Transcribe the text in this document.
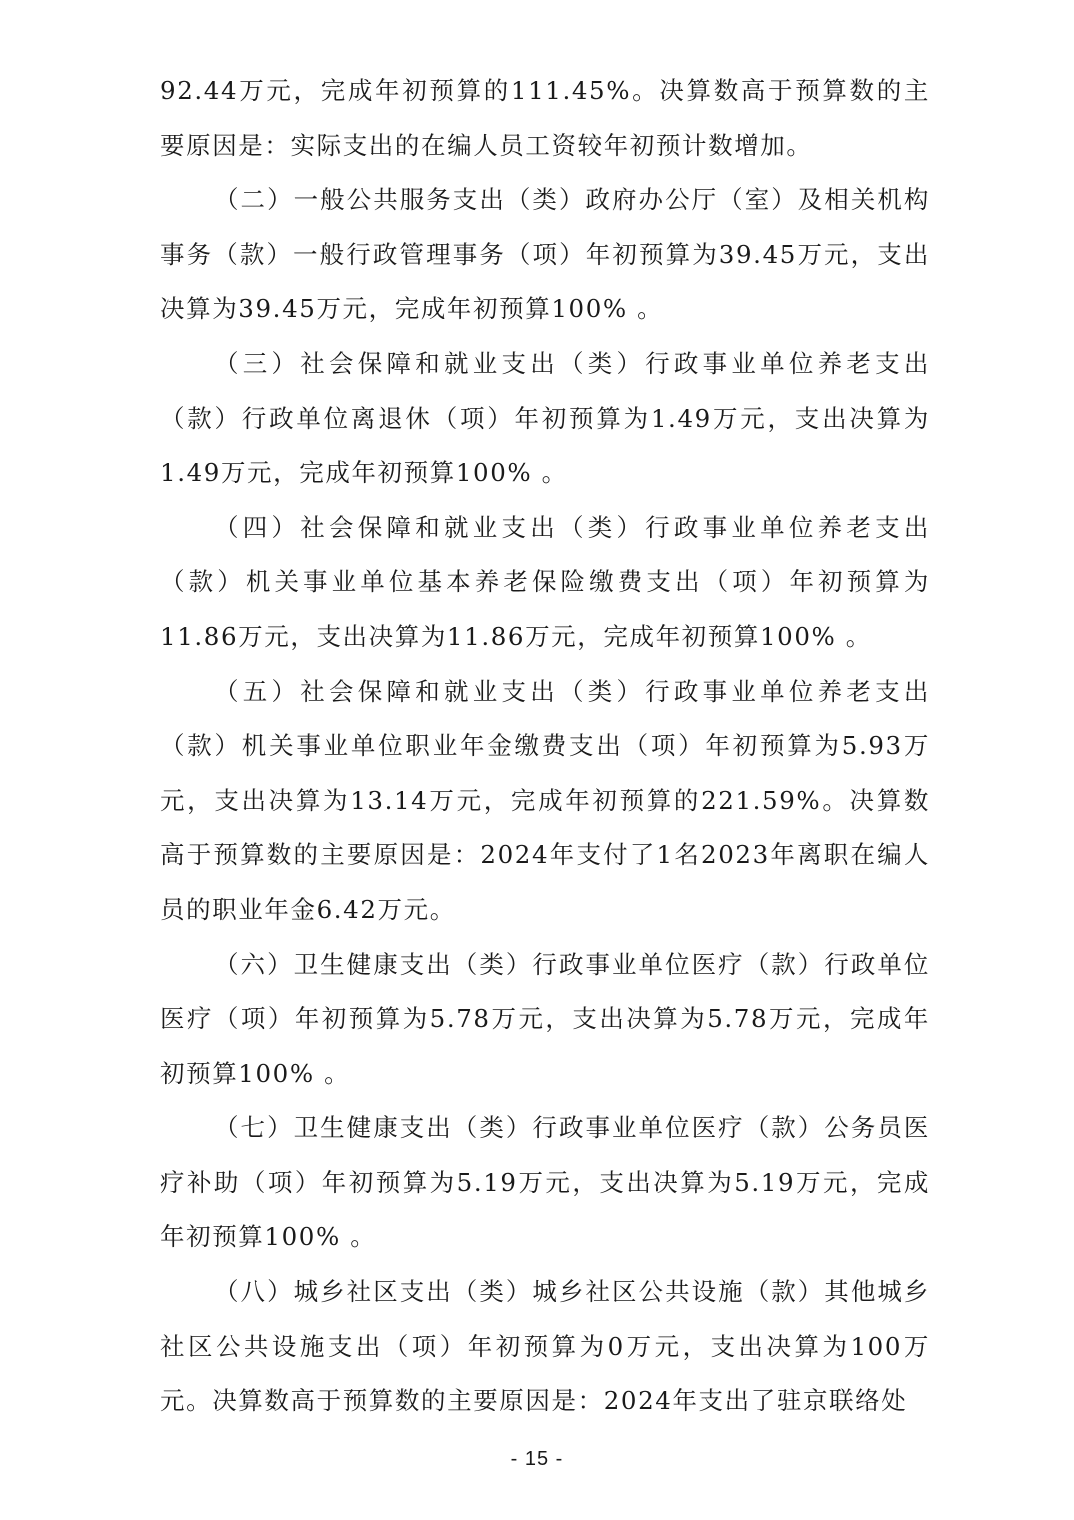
92.44万元，完成年初预算的111.45%。决算数高于预算数的主要原因是：实际支出的在编人员工资较年初预计数增加。

（二）一般公共服务支出（类）政府办公厅（室）及相关机构事务（款）一般行政管理事务（项）年初预算为39.45万元，支出决算为39.45万元，完成年初预算100% 。

（三）社会保障和就业支出（类）行政事业单位养老支出（款）行政单位离退休（项）年初预算为1.49万元，支出决算为1.49万元，完成年初预算100% 。

（四）社会保障和就业支出（类）行政事业单位养老支出（款）机关事业单位基本养老保险缴费支出（项）年初预算为11.86万元，支出决算为11.86万元，完成年初预算100% 。

（五）社会保障和就业支出（类）行政事业单位养老支出（款）机关事业单位职业年金缴费支出（项）年初预算为5.93万元，支出决算为13.14万元，完成年初预算的221.59%。决算数高于预算数的主要原因是：2024年支付了1名2023年离职在编人员的职业年金6.42万元。

（六）卫生健康支出（类）行政事业单位医疗（款）行政单位医疗（项）年初预算为5.78万元，支出决算为5.78万元，完成年初预算100% 。

（七）卫生健康支出（类）行政事业单位医疗（款）公务员医疗补助（项）年初预算为5.19万元，支出决算为5.19万元，完成年初预算100% 。

（八）城乡社区支出（类）城乡社区公共设施（款）其他城乡社区公共设施支出（项）年初预算为0万元，支出决算为100万元。决算数高于预算数的主要原因是：2024年支出了驻京联络处

- 15 -
